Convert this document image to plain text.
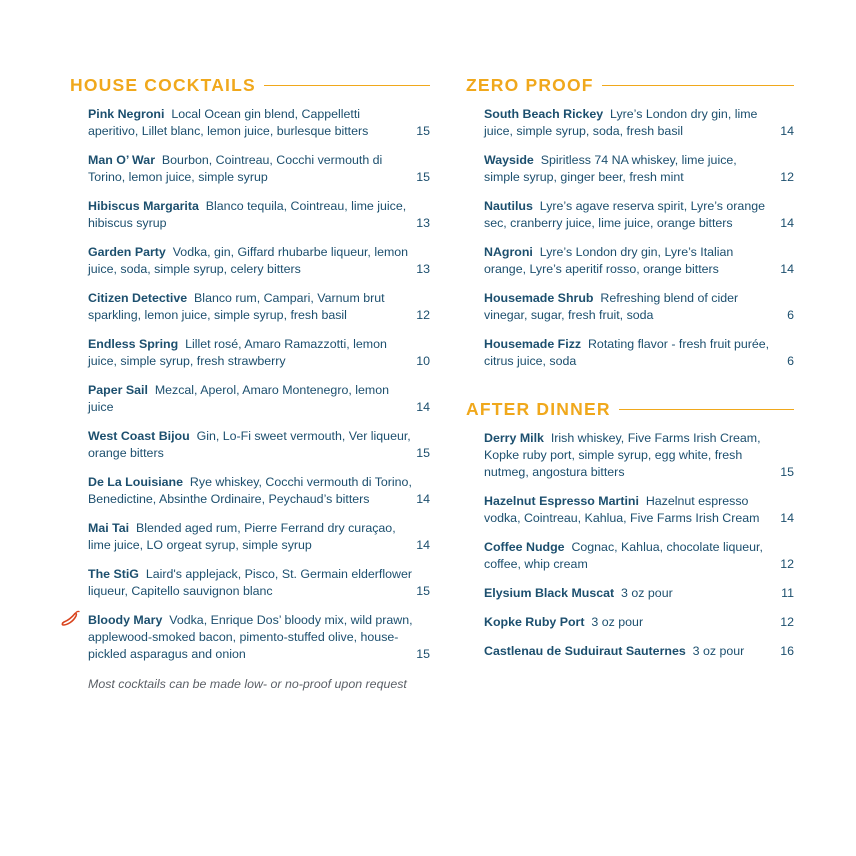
HOUSE COCKTAILS
Pink Negroni Local Ocean gin blend, Cappelletti aperitivo, Lillet blanc, lemon juice, burlesque bitters	15
Man O’ War Bourbon, Cointreau, Cocchi vermouth di Torino, lemon juice, simple syrup	15
Hibiscus Margarita Blanco tequila, Cointreau, lime juice, hibiscus syrup	13
Garden Party Vodka, gin, Giffard rhubarbe liqueur, lemon juice, soda, simple syrup, celery bitters	13
Citizen Detective Blanco rum, Campari, Varnum brut sparkling, lemon juice, simple syrup, fresh basil	12
Endless Spring Lillet rosé, Amaro Ramazzotti, lemon juice, simple syrup, fresh strawberry	10
Paper Sail Mezcal, Aperol, Amaro Montenegro, lemon juice	14
West Coast Bijou Gin, Lo-Fi sweet vermouth, Ver liqueur, orange bitters	15
De La Louisiane Rye whiskey, Cocchi vermouth di Torino, Benedictine, Absinthe Ordinaire, Peychaud’s bitters	14
Mai Tai Blended aged rum, Pierre Ferrand dry curaçao, lime juice, LO orgeat syrup, simple syrup	14
The StiG Laird's applejack, Pisco, St. Germain elderflower liqueur, Capitello sauvignon blanc	15
Bloody Mary Vodka, Enrique Dos’ bloody mix, wild prawn, applewood-smoked bacon, pimento-stuffed olive, house-pickled asparagus and onion	15
Most cocktails can be made low- or no-proof upon request
ZERO PROOF
South Beach Rickey Lyre’s London dry gin, lime juice, simple syrup, soda, fresh basil	14
Wayside Spiritless 74 NA whiskey, lime juice, simple syrup, ginger beer, fresh mint	12
Nautilus Lyre’s agave reserva spirit, Lyre’s orange sec, cranberry juice, lime juice, orange bitters	14
NAgroni Lyre’s London dry gin, Lyre’s Italian orange, Lyre’s aperitif rosso, orange bitters	14
Housemade Shrub Refreshing blend of cider vinegar, sugar, fresh fruit, soda	6
Housemade Fizz Rotating flavor - fresh fruit purée, citrus juice, soda	6
AFTER DINNER
Derry Milk Irish whiskey, Five Farms Irish Cream, Kopke ruby port, simple syrup, egg white, fresh nutmeg, angostura bitters	15
Hazelnut Espresso Martini Hazelnut espresso vodka, Cointreau, Kahlua, Five Farms Irish Cream	14
Coffee Nudge Cognac, Kahlua, chocolate liqueur, coffee, whip cream	12
Elysium Black Muscat 3 oz pour	11
Kopke Ruby Port 3 oz pour	12
Castlenau de Suduiraut Sauternes 3 oz pour	16
